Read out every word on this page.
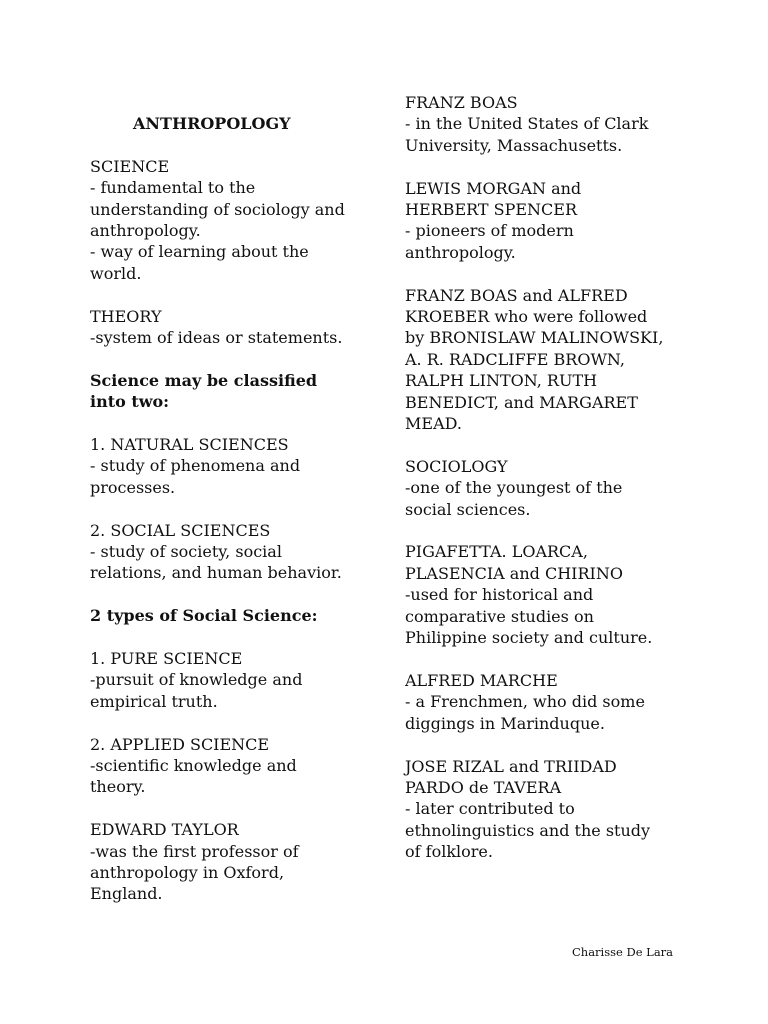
ANTHROPOLOGY
SCIENCE
- fundamental to the
understanding of sociology and
anthropology.
- way of learning about the
world.
THEORY
-system of ideas or statements.
Science may be classified
into two:
1. NATURAL SCIENCES
- study of phenomena and
processes.
2. SOCIAL SCIENCES
- study of society, social
relations, and human behavior.
2 types of Social Science:
1. PURE SCIENCE
-pursuit of knowledge and
empirical truth.
2. APPLIED SCIENCE
-scientific knowledge and
theory.
EDWARD TAYLOR
-was the first professor of
anthropology in Oxford,
England.
FRANZ BOAS
- in the United States of Clark
University, Massachusetts.
LEWIS MORGAN and
HERBERT SPENCER
- pioneers of modern
anthropology.
FRANZ BOAS and ALFRED
KROEBER who were followed
by BRONISLAW MALINOWSKI,
A. R. RADCLIFFE BROWN,
RALPH LINTON, RUTH
BENEDICT, and MARGARET
MEAD.
SOCIOLOGY
-one of the youngest of the
social sciences.
PIGAFETTA. LOARCA,
PLASENCIA and CHIRINO
-used for historical and
comparative studies on
Philippine society and culture.
ALFRED MARCHE
- a Frenchmen, who did some
diggings in Marinduque.
JOSE RIZAL and TRIIDAD
PARDO de TAVERA
- later contributed to
ethnolinguistics and the study
of folklore.
Charisse De Lara
